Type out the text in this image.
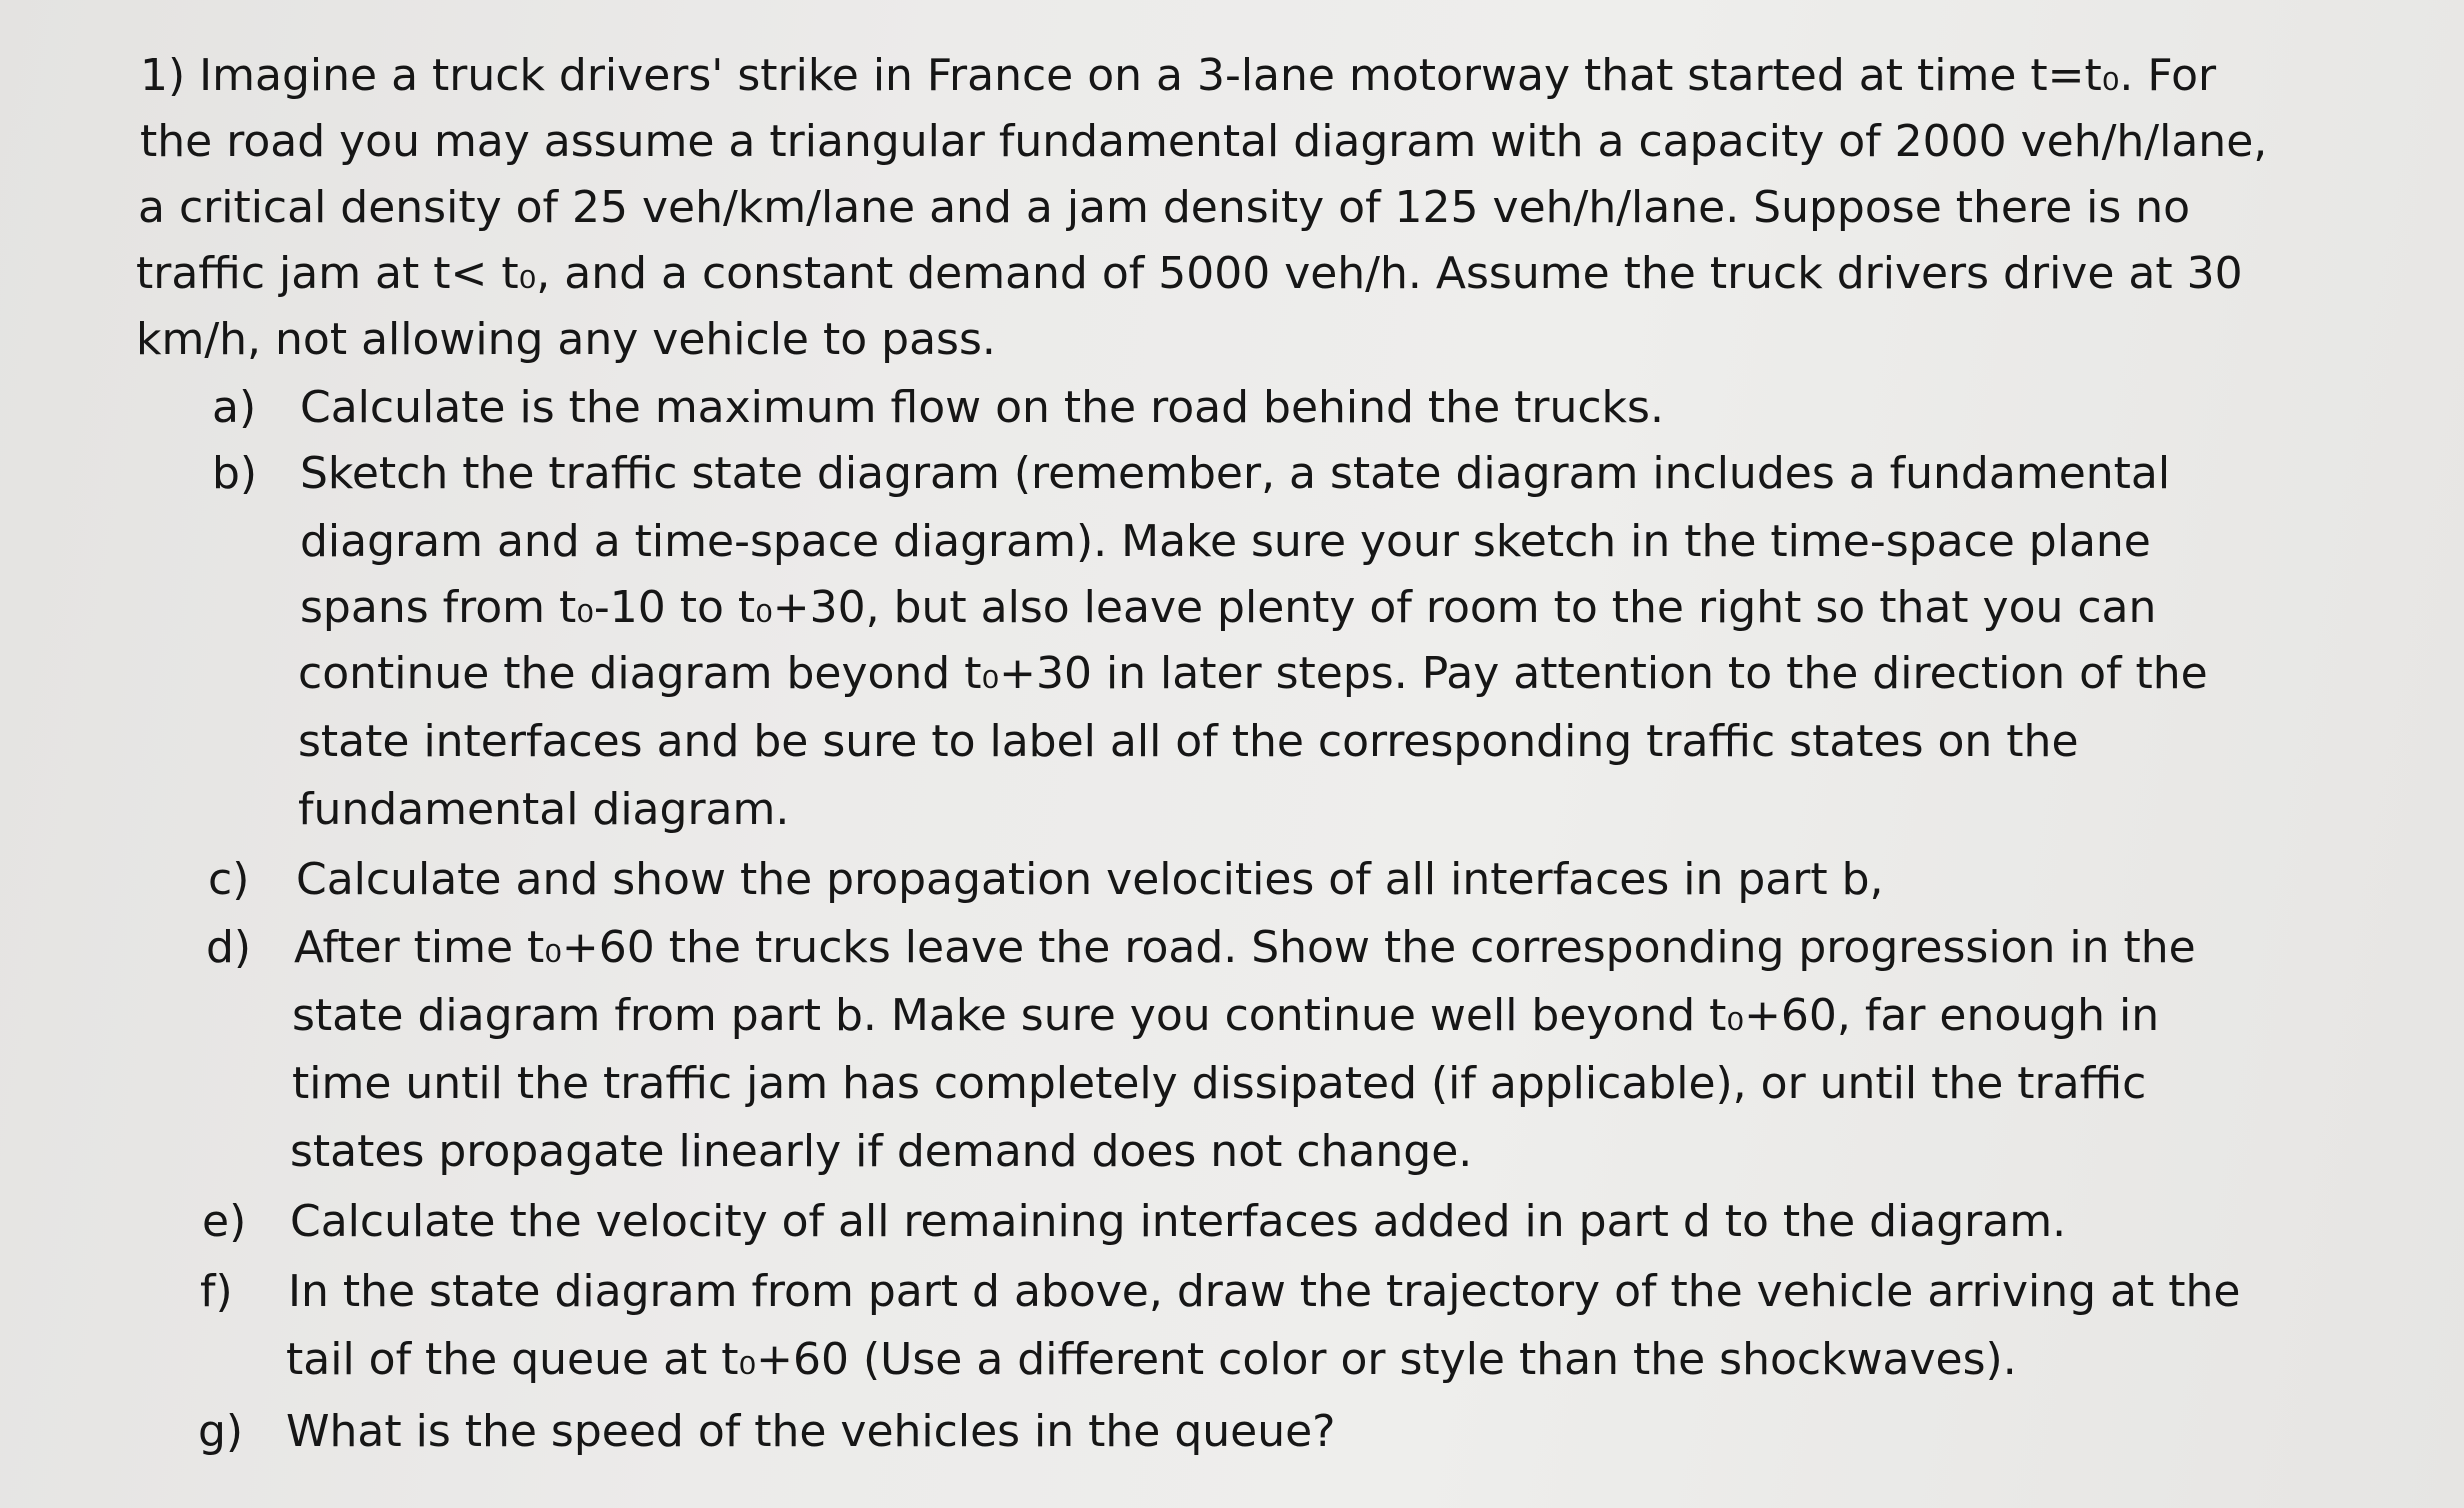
1) Imagine a truck drivers' strike in France on a 3-lane motorway that started at time t=t₀. For
the road you may assume a triangular fundamental diagram with a capacity of 2000 veh/h/lane,
a critical density of 25 veh/km/lane and a jam density of 125 veh/h/lane. Suppose there is no
traffic jam at t< t₀, and a constant demand of 5000 veh/h. Assume the truck drivers drive at 30
km/h, not allowing any vehicle to pass.
a) Calculate is the maximum flow on the road behind the trucks.
b) Sketch the traffic state diagram (remember, a state diagram includes a fundamental
diagram and a time-space diagram). Make sure your sketch in the time-space plane
spans from t₀-10 to t₀+30, but also leave plenty of room to the right so that you can
continue the diagram beyond t₀+30 in later steps. Pay attention to the direction of the
state interfaces and be sure to label all of the corresponding traffic states on the
fundamental diagram.
c) Calculate and show the propagation velocities of all interfaces in part b,
d) After time t₀+60 the trucks leave the road. Show the corresponding progression in the
state diagram from part b. Make sure you continue well beyond t₀+60, far enough in
time until the traffic jam has completely dissipated (if applicable), or until the traffic
states propagate linearly if demand does not change.
e) Calculate the velocity of all remaining interfaces added in part d to the diagram.
f) In the state diagram from part d above, draw the trajectory of the vehicle arriving at the
tail of the queue at t₀+60 (Use a different color or style than the shockwaves).
g) What is the speed of the vehicles in the queue?
